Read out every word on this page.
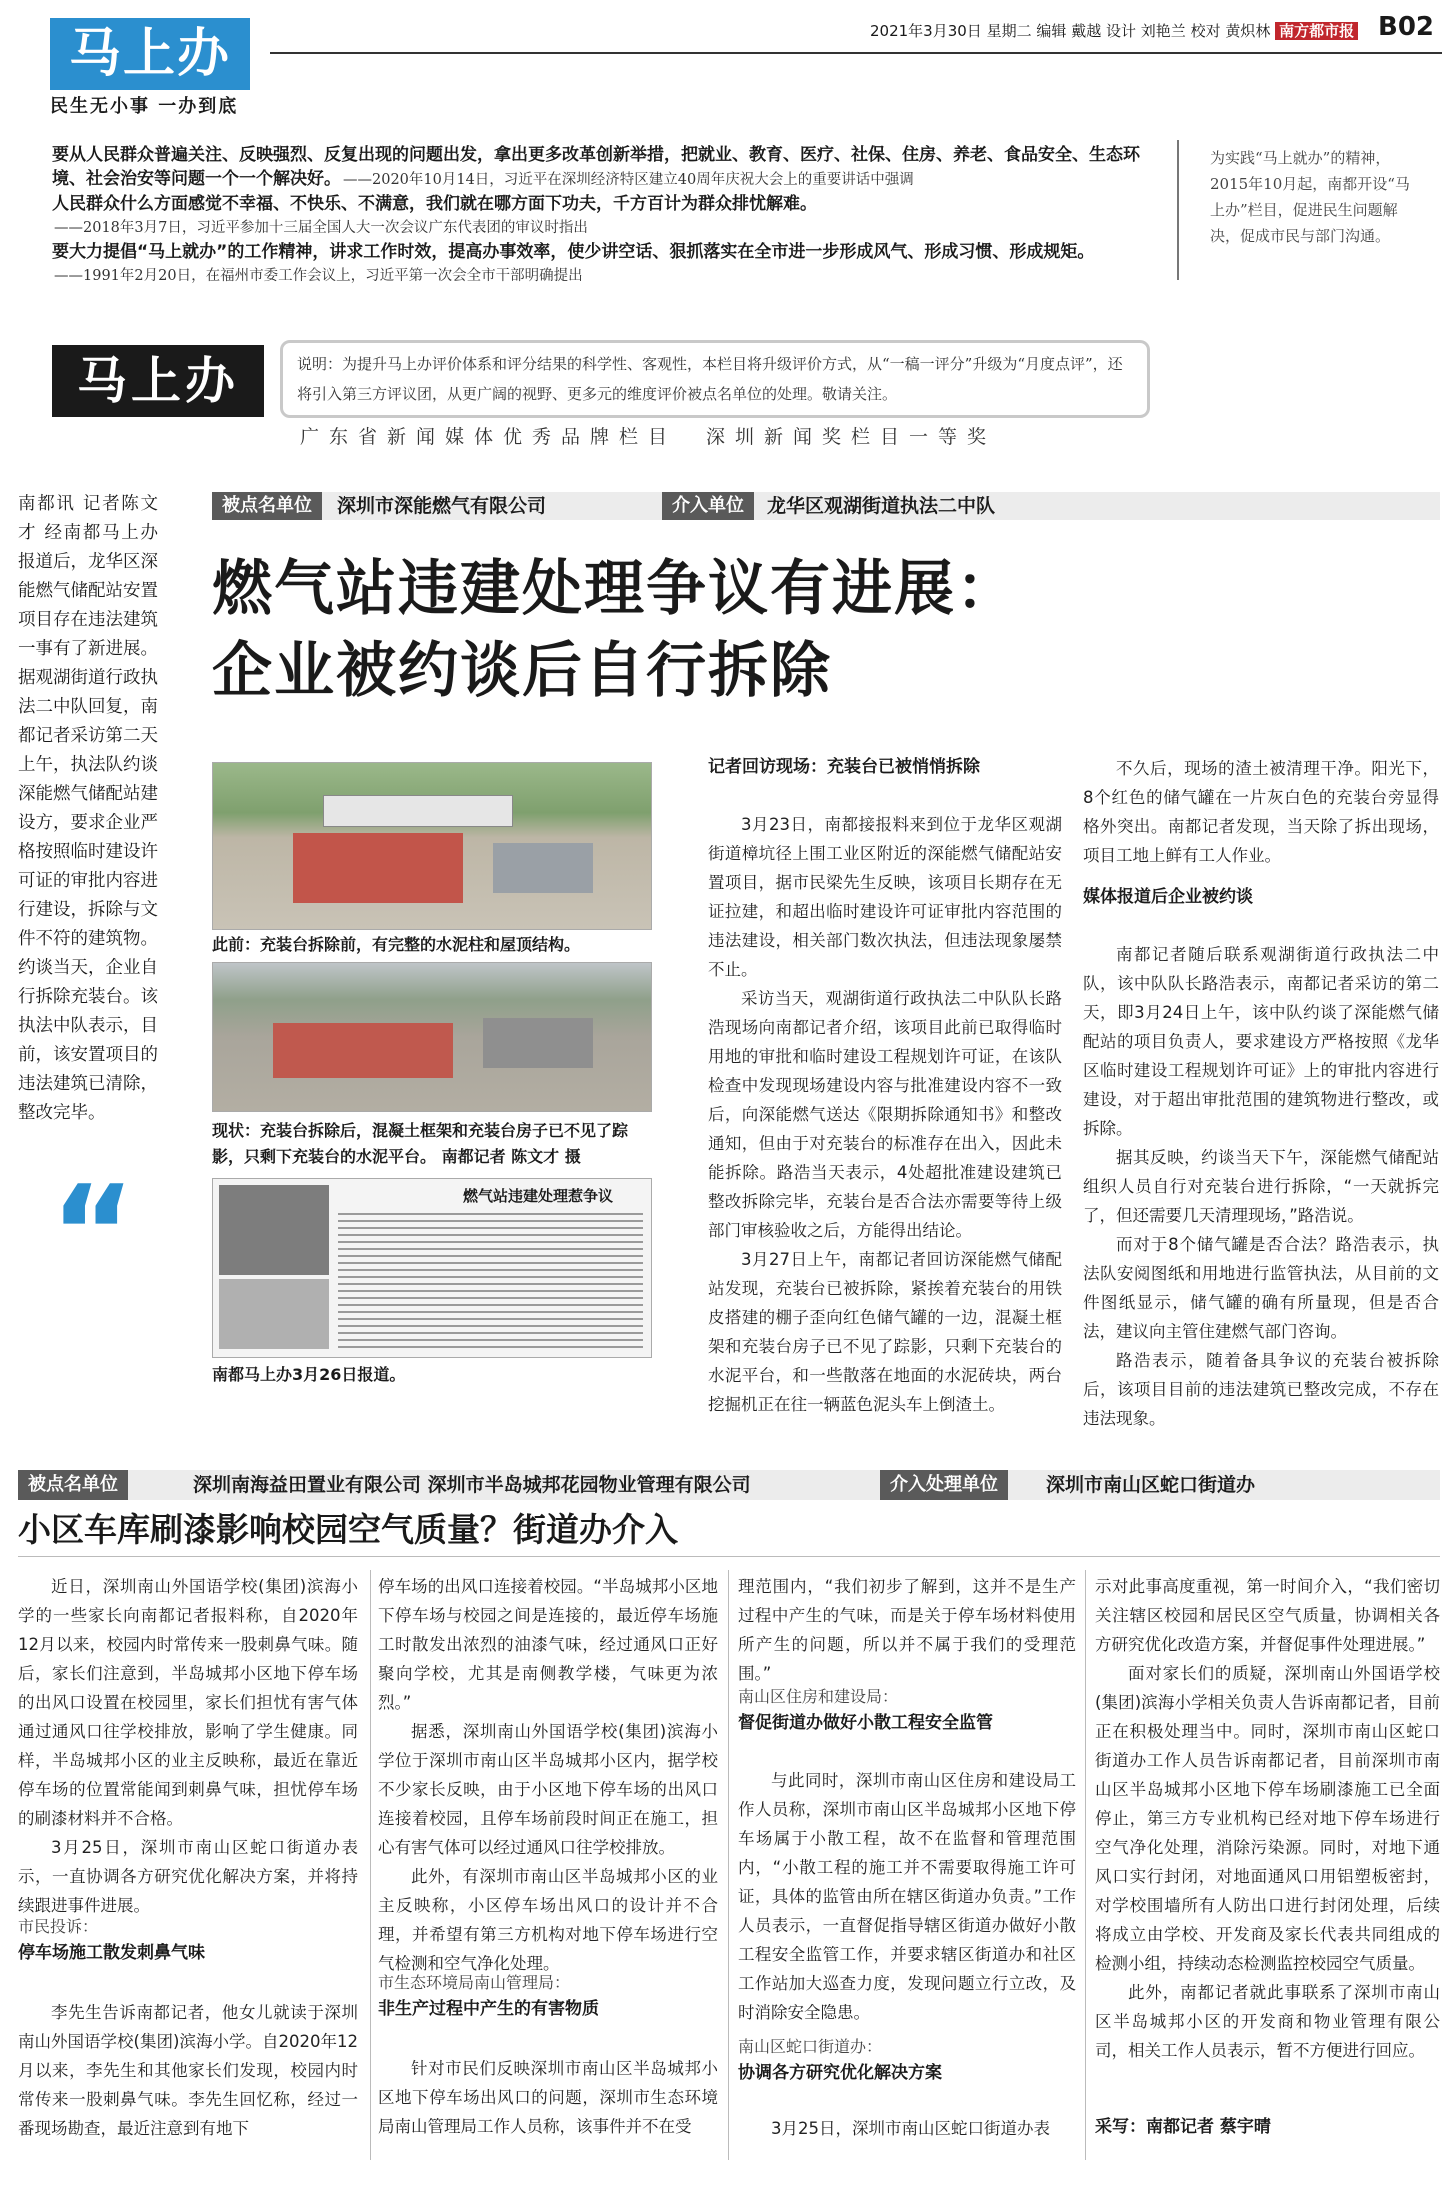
马上办
民生无小事 一办到底
2021年3月30日 星期二 编辑 戴越 设计 刘艳兰 校对 黄炽林 南方都市报 B02
要从人民群众普遍关注、反映强烈、反复出现的问题出发，拿出更多改革创新举措，把就业、教育、医疗、社保、住房、养老、食品安全、生态环境、社会治安等问题一个一个解决好。 ——2020年10月14日，习近平在深圳经济特区建立40周年庆祝大会上的重要讲话中强调
人民群众什么方面感觉不幸福、不快乐、不满意，我们就在哪方面下功夫，千方百计为群众排忧解难。
——2018年3月7日，习近平参加十三届全国人大一次会议广东代表团的审议时指出
要大力提倡“马上就办”的工作精神，讲求工作时效，提高办事效率，使少讲空话、狠抓落实在全市进一步形成风气、形成习惯、形成规矩。
——1991年2月20日，在福州市委工作会议上，习近平第一次会全市干部明确提出
为实践“马上就办”的精神，2015年10月起，南都开设“马上办”栏目，促进民生问题解决，促成市民与部门沟通。
马上办	说明：为提升马上办评价体系和评分结果的科学性、客观性，本栏目将升级评价方式，从“一稿一评分”升级为“月度点评”，还将引入第三方评议团，从更广阔的视野、更多元的维度评价被点名单位的处理。敬请关注。
广东省新闻媒体优秀品牌栏目　深圳新闻奖栏目一等奖
南都讯 记者陈文才 经南都马上办报道后，龙华区深能燃气储配站安置项目存在违法建筑一事有了新进展。据观湖街道行政执法二中队回复，南都记者采访第二天上午，执法队约谈深能燃气储配站建设方，要求企业严格按照临时建设许可证的审批内容进行建设，拆除与文件不符的建筑物。约谈当天，企业自行拆除充装台。该执法中队表示，目前，该安置项目的违法建筑已清除，整改完毕。
“
被点名单位	深圳市深能燃气有限公司	介入单位	龙华区观湖街道执法二中队
燃气站违建处理争议有进展：
企业被约谈后自行拆除
此前：充装台拆除前，有完整的水泥柱和屋顶结构。
现状：充装台拆除后，混凝土框架和充装台房子已不见了踪影，只剩下充装台的水泥平台。 南都记者 陈文才 摄
燃气站违建处理惹争议
南都马上办3月26日报道。
记者回访现场：充装台已被悄悄拆除

3月23日，南都接报料来到位于龙华区观湖街道樟坑径上围工业区附近的深能燃气储配站安置项目，据市民梁先生反映，该项目长期存在无证拉建，和超出临时建设许可证审批内容范围的违法建设，相关部门数次执法，但违法现象屡禁不止。

采访当天，观湖街道行政执法二中队队长路浩现场向南都记者介绍，该项目此前已取得临时用地的审批和临时建设工程规划许可证，在该队检查中发现现场建设内容与批准建设内容不一致后，向深能燃气送达《限期拆除通知书》和整改通知，但由于对充装台的标准存在出入，因此未能拆除。路浩当天表示，4处超批准建设建筑已整改拆除完毕，充装台是否合法亦需要等待上级部门审核验收之后，方能得出结论。

3月27日上午，南都记者回访深能燃气储配站发现，充装台已被拆除，紧挨着充装台的用铁皮搭建的棚子歪向红色储气罐的一边，混凝土框架和充装台房子已不见了踪影，只剩下充装台的水泥平台，和一些散落在地面的水泥砖块，两台挖掘机正在往一辆蓝色泥头车上倒渣土。

不久后，现场的渣土被清理干净。阳光下，8个红色的储气罐在一片灰白色的充装台旁显得格外突出。南都记者发现，当天除了拆出现场，项目工地上鲜有工人作业。
媒体报道后企业被约谈

南都记者随后联系观湖街道行政执法二中队，该中队队长路浩表示，南都记者采访的第二天，即3月24日上午，该中队约谈了深能燃气储配站的项目负责人，要求建设方严格按照《龙华区临时建设工程规划许可证》上的审批内容进行建设，对于超出审批范围的建筑物进行整改，或拆除。

据其反映，约谈当天下午，深能燃气储配站组织人员自行对充装台进行拆除，“一天就拆完了，但还需要几天清理现场，”路浩说。

而对于8个储气罐是否合法？路浩表示，执法队安阅图纸和用地进行监管执法，从目前的文件图纸显示，储气罐的确有所量现，但是否合法，建议向主管住建燃气部门咨询。

路浩表示，随着备具争议的充装台被拆除后，该项目目前的违法建筑已整改完成，不存在违法现象。

被点名单位	深圳南海益田置业有限公司 深圳市半岛城邦花园物业管理有限公司	介入处理单位	深圳市南山区蛇口街道办
小区车库刷漆影响校园空气质量？街道办介入

近日，深圳南山外国语学校(集团)滨海小学的一些家长向南都记者报料称，自2020年12月以来，校园内时常传来一股刺鼻气味。随后，家长们注意到，半岛城邦小区地下停车场的出风口设置在校园里，家长们担忧有害气体通过通风口往学校排放，影响了学生健康。同样，半岛城邦小区的业主反映称，最近在靠近停车场的位置常能闻到刺鼻气味，担忧停车场的刷漆材料并不合格。

3月25日，深圳市南山区蛇口街道办表示，一直协调各方研究优化解决方案，并将持续跟进事件进展。

市民投诉：
停车场施工散发刺鼻气味
李先生告诉南都记者，他女儿就读于深圳南山外国语学校(集团)滨海小学。自2020年12月以来，李先生和其他家长们发现，校园内时常传来一股刺鼻气味。李先生回忆称，经过一番现场勘查，最近注意到有地下

停车场的出风口连接着校园。“半岛城邦小区地下停车场与校园之间是连接的，最近停车场施工时散发出浓烈的油漆气味，经过通风口正好聚向学校，尤其是南侧教学楼，气味更为浓烈。”

据悉，深圳南山外国语学校(集团)滨海小学位于深圳市南山区半岛城邦小区内，据学校不少家长反映，由于小区地下停车场的出风口连接着校园，且停车场前段时间正在施工，担心有害气体可以经过通风口往学校排放。

此外，有深圳市南山区半岛城邦小区的业主反映称，小区停车场出风口的设计并不合理，并希望有第三方机构对地下停车场进行空气检测和空气净化处理。

市生态环境局南山管理局：
非生产过程中产生的有害物质
针对市民们反映深圳市南山区半岛城邦小区地下停车场出风口的问题，深圳市生态环境局南山管理局工作人员称，该事件并不在受
理范围内，“我们初步了解到，这并不是生产过程中产生的气味，而是关于停车场材料使用所产生的问题，所以并不属于我们的受理范围。”
南山区住房和建设局：
督促街道办做好小散工程安全监管
与此同时，深圳市南山区住房和建设局工作人员称，深圳市南山区半岛城邦小区地下停车场属于小散工程，故不在监督和管理范围内，“小散工程的施工并不需要取得施工许可证，具体的监管由所在辖区街道办负责。”工作人员表示，一直督促指导辖区街道办做好小散工程安全监管工作，并要求辖区街道办和社区工作站加大巡查力度，发现问题立行立改，及时消除安全隐患。
南山区蛇口街道办：
协调各方研究优化解决方案
3月25日，深圳市南山区蛇口街道办表

示对此事高度重视，第一时间介入，“我们密切关注辖区校园和居民区空气质量，协调相关各方研究优化改造方案，并督促事件处理进展。”

面对家长们的质疑，深圳南山外国语学校(集团)滨海小学相关负责人告诉南都记者，目前正在积极处理当中。同时，深圳市南山区蛇口街道办工作人员告诉南都记者，目前深圳市南山区半岛城邦小区地下停车场刷漆施工已全面停止，第三方专业机构已经对地下停车场进行空气净化处理，消除污染源。同时，对地下通风口实行封闭，对地面通风口用铝塑板密封，对学校围墙所有人防出口进行封闭处理，后续将成立由学校、开发商及家长代表共同组成的检测小组，持续动态检测监控校园空气质量。

此外，南都记者就此事联系了深圳市南山区半岛城邦小区的开发商和物业管理有限公司，相关工作人员表示，暂不方便进行回应。

采写：南都记者 蔡宇晴
